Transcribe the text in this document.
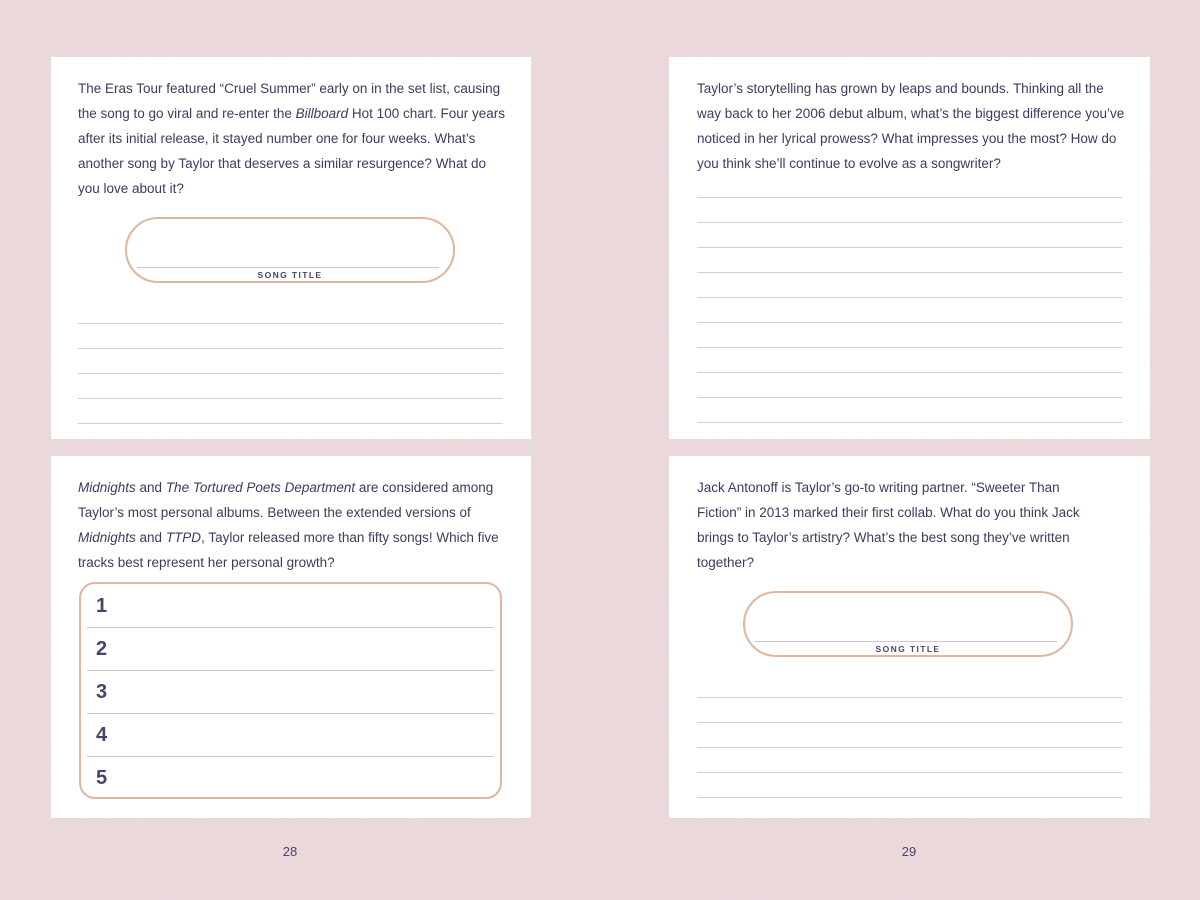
The Eras Tour featured “Cruel Summer” early on in the set list, causing the song to go viral and re-enter the Billboard Hot 100 chart. Four years after its initial release, it stayed number one for four weeks. What’s another song by Taylor that deserves a similar resurgence? What do you love about it?

SONG TITLE

Taylor’s storytelling has grown by leaps and bounds. Thinking all the way back to her 2006 debut album, what’s the biggest difference you’ve noticed in her lyrical prowess? What impresses you the most? How do you think she’ll continue to evolve as a songwriter?

Midnights and The Tortured Poets Department are considered among Taylor’s most personal albums. Between the extended versions of Midnights and TTPD, Taylor released more than fifty songs! Which five tracks best represent her personal growth?

1
2
3
4
5

Jack Antonoff is Taylor’s go-to writing partner. “Sweeter Than Fiction” in 2013 marked their first collab. What do you think Jack brings to Taylor’s artistry? What’s the best song they’ve written together?

SONG TITLE
28	29
